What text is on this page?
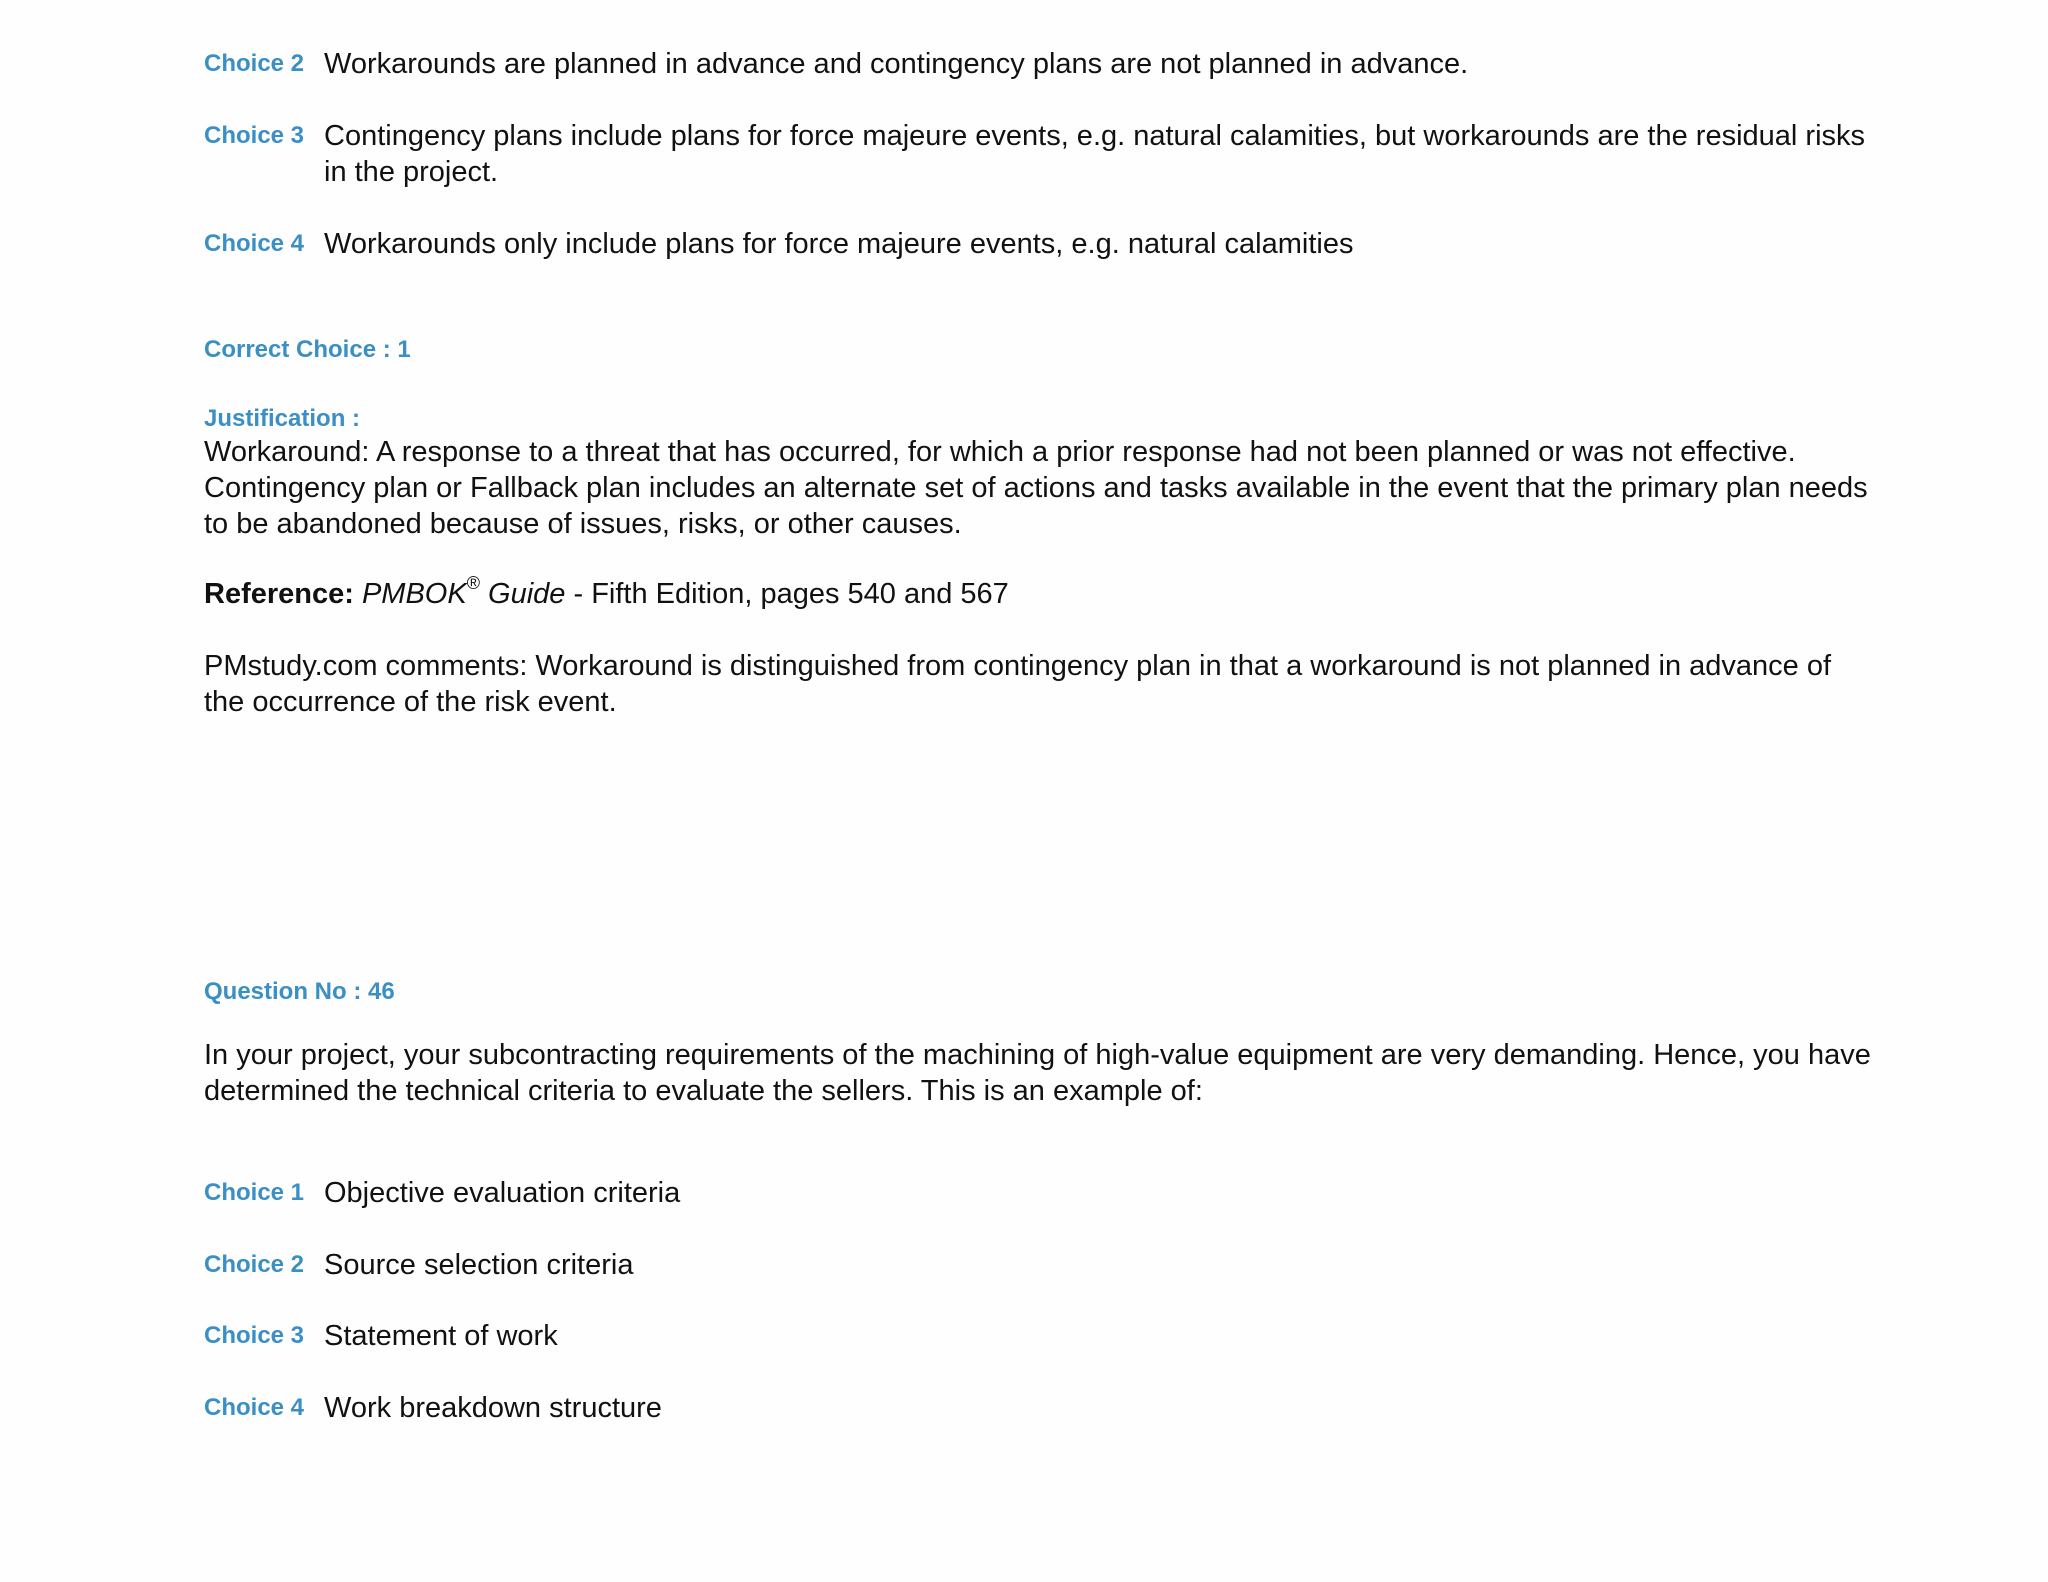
Choice 2 Workarounds are planned in advance and contingency plans are not planned in advance.
Choice 3 Contingency plans include plans for force majeure events, e.g. natural calamities, but workarounds are the residual risks in the project.
Choice 4 Workarounds only include plans for force majeure events, e.g. natural calamities
Correct Choice : 1
Justification :
Workaround: A response to a threat that has occurred, for which a prior response had not been planned or was not effective. Contingency plan or Fallback plan includes an alternate set of actions and tasks available in the event that the primary plan needs to be abandoned because of issues, risks, or other causes.
Reference: PMBOK® Guide - Fifth Edition, pages 540 and 567
PMstudy.com comments: Workaround is distinguished from contingency plan in that a workaround is not planned in advance of the occurrence of the risk event.
Question No : 46
In your project, your subcontracting requirements of the machining of high-value equipment are very demanding. Hence, you have determined the technical criteria to evaluate the sellers. This is an example of:
Choice 1 Objective evaluation criteria
Choice 2 Source selection criteria
Choice 3 Statement of work
Choice 4 Work breakdown structure
